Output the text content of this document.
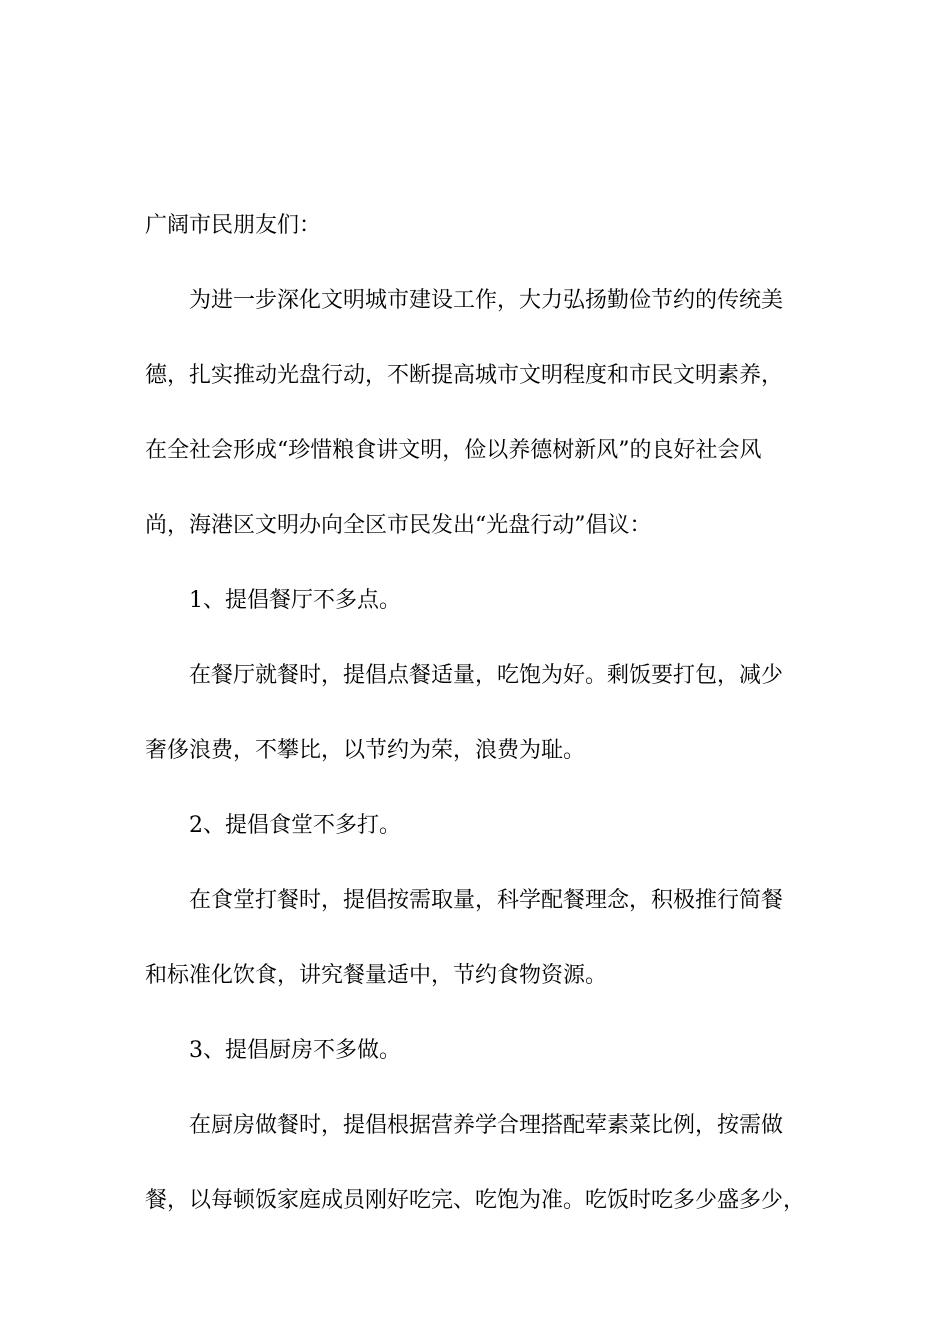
广阔市民朋友们：
为进一步深化文明城市建设工作，大力弘扬勤俭节约的传统美
德，扎实推动光盘行动，不断提高城市文明程度和市民文明素养，
在全社会形成“珍惜粮食讲文明，俭以养德树新风”的良好社会风
尚，海港区文明办向全区市民发出“光盘行动”倡议：
1、提倡餐厅不多点。
在餐厅就餐时，提倡点餐适量，吃饱为好。剩饭要打包，减少
奢侈浪费，不攀比，以节约为荣，浪费为耻。
2、提倡食堂不多打。
在食堂打餐时，提倡按需取量，科学配餐理念，积极推行简餐
和标准化饮食，讲究餐量适中，节约食物资源。
3、提倡厨房不多做。
在厨房做餐时，提倡根据营养学合理搭配荤素菜比例，按需做
餐，以每顿饭家庭成员刚好吃完、吃饱为准。吃饭时吃多少盛多少，
